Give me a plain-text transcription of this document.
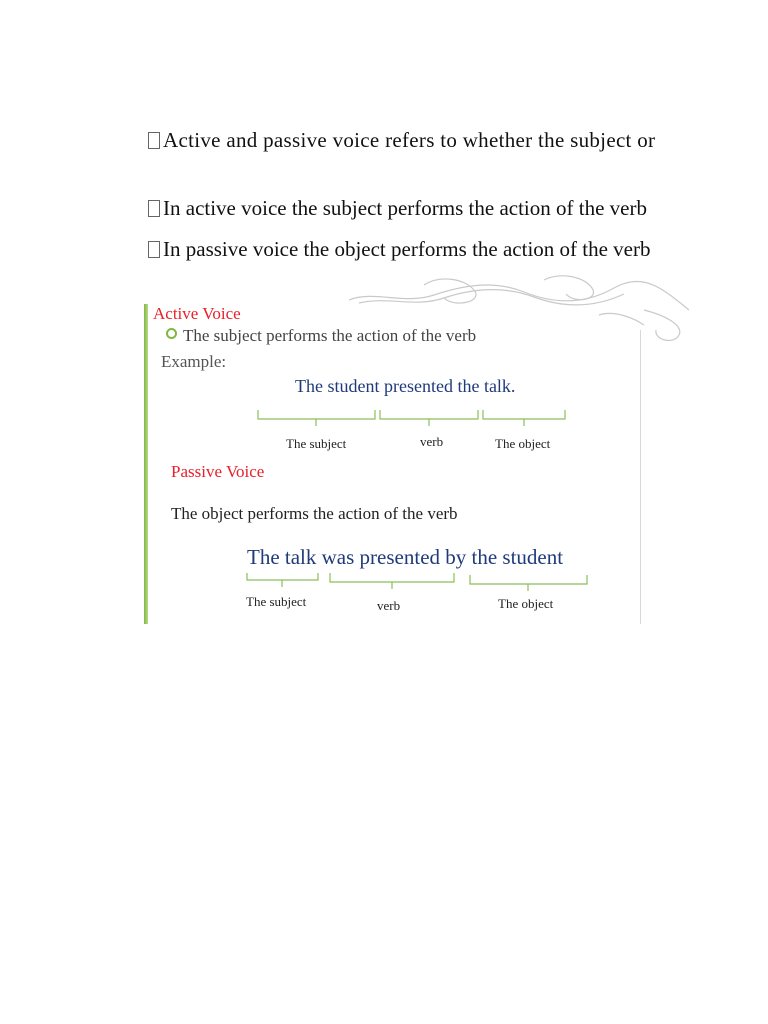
Active and passive voice refers to whether the subject or
In active voice the subject performs the action of the verb
In passive voice the object performs the action of the verb
Active Voice
The subject performs the action of the verb
Example:
The student presented the talk.
The subject	verb	The object
Passive Voice
The object performs the action of the verb
The talk was presented by the student
The subject	verb	The object
